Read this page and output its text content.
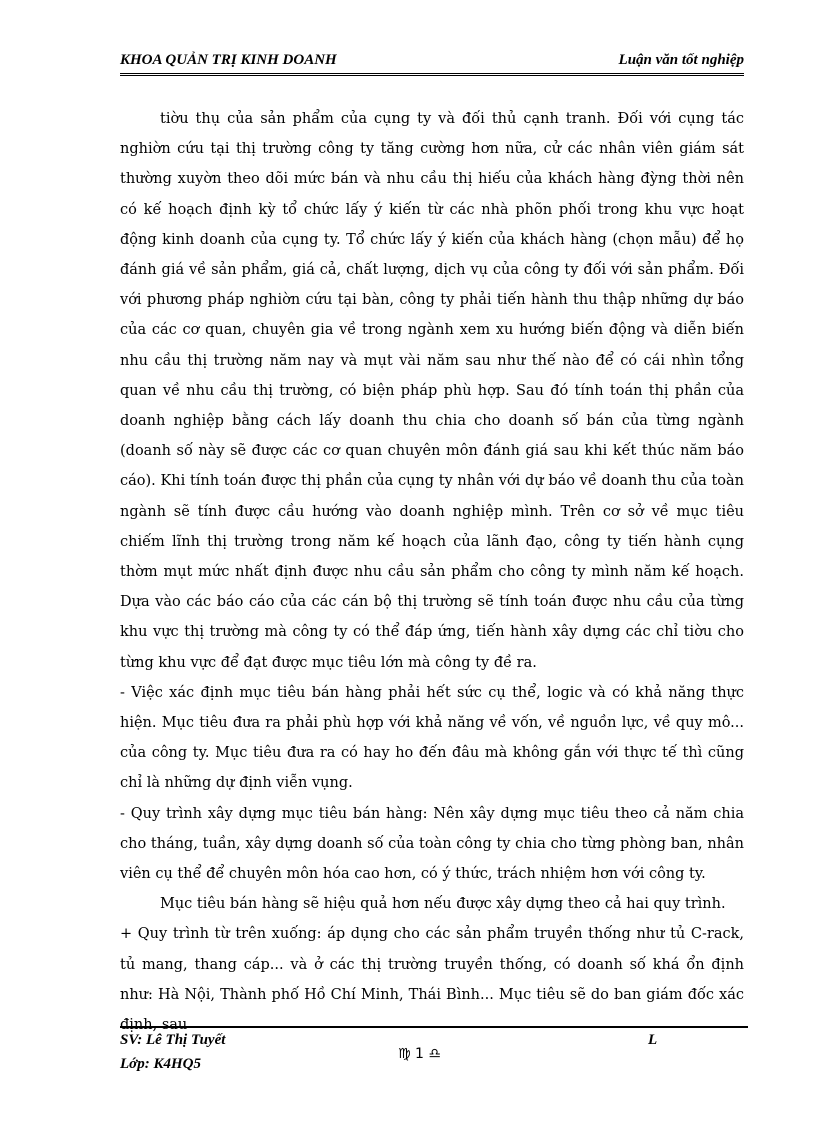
KHOA QUẢN TRỊ KINH DOANH	Luận văn tốt nghiệp

tiờu thụ của sản phẩm của cụng ty và đối thủ cạnh tranh. Đối với cụng tác nghiờn cứu tại thị trường công ty tăng cường hơn nữa, cử các nhân viên giám sát thường xuyờn theo dõi mức bán và nhu cầu thị hiếu của khách hàng đỳng thời nên có kế hoạch định kỳ tổ chức lấy ý kiến từ các nhà phõn phối trong khu vực hoạt động kinh doanh của cụng ty. Tổ chức lấy ý kiến của khách hàng (chọn mẫu) để họ đánh giá về sản phẩm, giá cả, chất lượng, dịch vụ của công ty đối với sản phẩm. Đối với phương pháp nghiờn cứu tại bàn, công ty phải tiến hành thu thập những dự báo của các cơ quan, chuyên gia về trong ngành xem xu hướng biến động và diễn biến nhu cầu thị trường năm nay và mụt vài năm sau như thế nào để có cái nhìn tổng quan về nhu cầu thị trường, có biện pháp phù hợp. Sau đó tính toán thị phần của doanh nghiệp bằng cách lấy doanh thu chia cho doanh số bán của từng ngành (doanh số này sẽ được các cơ quan chuyên môn đánh giá sau khi kết thúc năm báo cáo). Khi tính toán được thị phần của cụng ty nhân với dự báo về doanh thu của toàn ngành sẽ tính được cầu hướng vào doanh nghiệp mình. Trên cơ sở về mục tiêu chiếm lĩnh thị trường trong năm kế hoạch của lãnh đạo, công ty tiến hành cụng thờm mụt mức nhất định được nhu cầu sản phẩm cho công ty mình năm kế hoạch. Dựa vào các báo cáo của các cán bộ thị trường sẽ tính toán được nhu cầu của từng khu vực thị trường mà công ty có thể đáp ứng, tiến hành xây dựng các chỉ tiờu cho từng khu vực để đạt được mục tiêu lớn mà công ty đề ra.

- Việc xác định mục tiêu bán hàng phải hết sức cụ thể, logic và có khả năng thực hiện. Mục tiêu đưa ra phải phù hợp với khả năng về vốn, về nguồn lực, về quy mô... của công ty. Mục tiêu đưa ra có hay ho đến đâu mà không gắn với thực tế thì cũng chỉ là những dự định viễn vụng.

- Quy trình xây dựng mục tiêu bán hàng: Nên xây dựng mục tiêu theo cả năm chia cho tháng, tuần, xây dựng doanh số của toàn công ty chia cho từng phòng ban, nhân viên cụ thể để chuyên môn hóa cao hơn, có ý thức, trách nhiệm hơn với công ty.

Mục tiêu bán hàng sẽ hiệu quả hơn nếu được xây dựng theo cả hai quy trình.

+ Quy trình từ trên xuống: áp dụng cho các sản phẩm truyền thống như tủ C-rack, tủ mang, thang cáp... và ở các thị trường truyền thống, có doanh số khá ổn định như: Hà Nội, Thành phố Hồ Chí Minh, Thái Bình... Mục tiêu sẽ do ban giám đốc xác định, sau

SV: Lê Thị Tuyết
Lớp: K4HQ5
♍ 1 ♎
L
